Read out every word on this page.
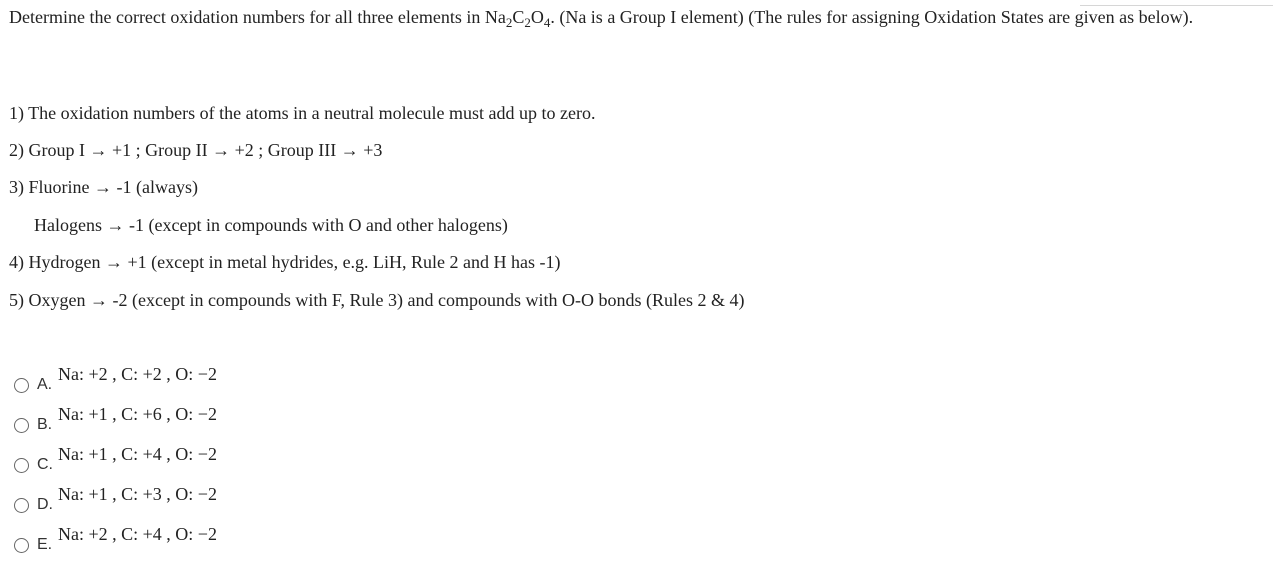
Determine the correct oxidation numbers for all three elements in $Na_2C_2O_4$. (Na is a Group I element) (The rules for assigning Oxidation States are given as below).
1) The oxidation numbers of the atoms in a neutral molecule must add up to zero.
2) Group I → +1 ; Group II → +2 ; Group III → +3
3) Fluorine → -1 (always)
Halogens → -1 (except in compounds with O and other halogens)
4) Hydrogen → +1 (except in metal hydrides, e.g. LiH, Rule 2 and H has -1)
5) Oxygen → -2 (except in compounds with F, Rule 3) and compounds with O-O bonds (Rules 2 & 4)
A.
Na: +2 , C: +2 , O: −2
B.
Na: +1 , C: +6 , O: −2
C.
Na: +1 , C: +4 , O: −2
D.
Na: +1 , C: +3 , O: −2
E.
Na: +2 , C: +4 , O: −2
